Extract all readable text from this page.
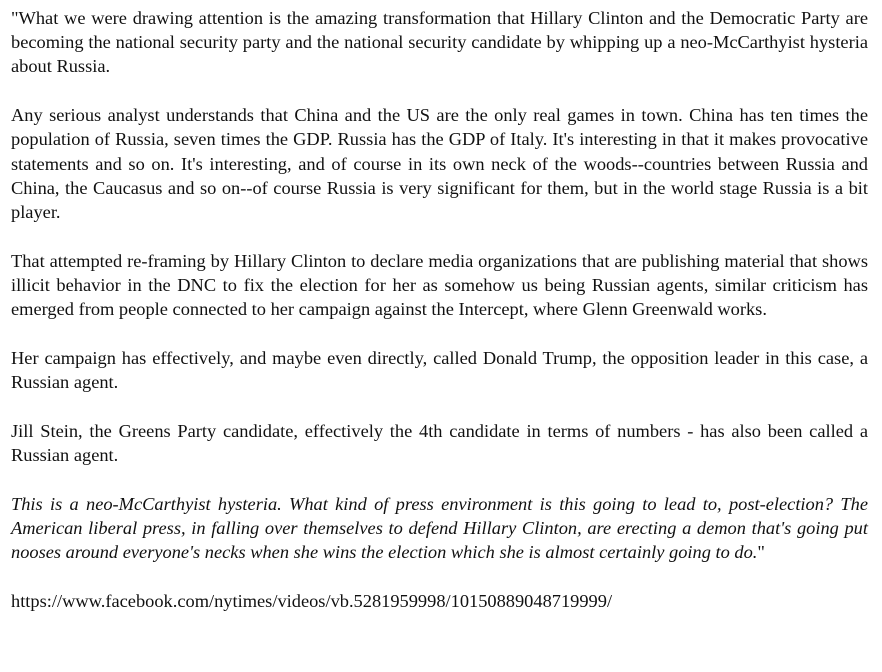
"What we were drawing attention is the amazing transformation that Hillary Clinton and the Democratic Party are becoming the national security party and the national security candidate by whipping up a neo-McCarthyist hysteria about Russia.

Any serious analyst understands that China and the US are the only real games in town. China has ten times the population of Russia, seven times the GDP. Russia has the GDP of Italy. It's interesting in that it makes provocative statements and so on. It's interesting, and of course in its own neck of the woods--countries between Russia and China, the Caucasus and so on--of course Russia is very significant for them, but in the world stage Russia is a bit player.

That attempted re-framing by Hillary Clinton to declare media organizations that are publishing material that shows illicit behavior in the DNC to fix the election for her as somehow us being Russian agents, similar criticism has emerged from people connected to her campaign against the Intercept, where Glenn Greenwald works.

Her campaign has effectively, and maybe even directly, called Donald Trump, the opposition leader in this case, a Russian agent.

Jill Stein, the Greens Party candidate, effectively the 4th candidate in terms of numbers - has also been called a Russian agent.

This is a neo-McCarthyist hysteria. What kind of press environment is this going to lead to, post-election? The American liberal press, in falling over themselves to defend Hillary Clinton, are erecting a demon that's going put nooses around everyone's necks when she wins the election which she is almost certainly going to do."

https://www.facebook.com/nytimes/videos/vb.5281959998/10150889048719999/
